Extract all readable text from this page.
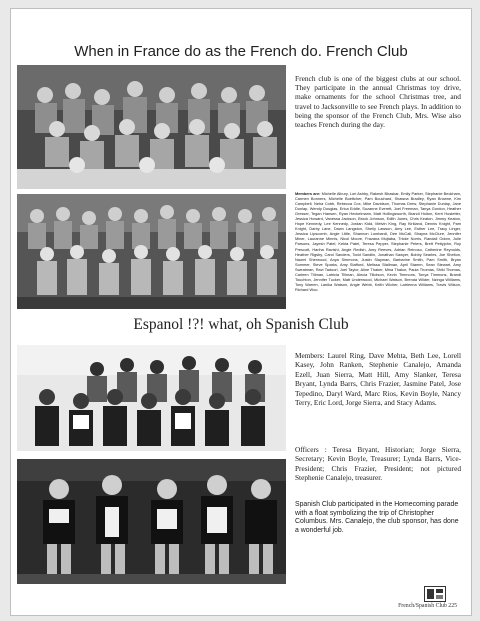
When in France do as the French do. French Club
French club is one of the biggest clubs at our school. They participate in the annual Christmas toy drive, make ornaments for the school Christmas tree, and travel to Jacksonville to see French plays. In addition to being the sponsor of the French Club, Mrs. Wise also teaches French during the day.
Members are: Michelle Albury, Lori Ashby, Rakesh Bhaskar, Emily Parker, Stephanie Beckham, Carmen Bonners, Michelle Boettcher, Pam Bouchard, Shawna Bradley, Ryan Browne, Kim Campbell, Neha Cobb, Rebecca Cox, Mike Davidson, Thomas Drew, Stephanie Dunlap, Jane Dunlap, Wendy Douglas, Erica Eddie, Suzanne Everett, Joel Freeman, Tanya Gordon, Heather Gresser, Tegan Hansen, Ryan Heckelmann, Matt Hollingsworth, Brandi Holton, Kerri Hostetter, Jessica Howard, Vanessa Jackson, Brock Johnson, Edith Jones, Chris Keaton, Jimmy Keaton, Hope Kennedy, Lee Kennedy, Jordan Kidd, Melvin King, Ray Kirkland, Dennis Knight, Pam Knight, Darby Lane, Dawn Langston, Shelly Lawson, Amy Lee, Esther Lee, Tracy Linger, Jessica Lipscomb, Angie Little, Shannon Lombardi, Dee McCall, Shayna McClure, Jennifer Miner, Lauranne Minnis, Nicol Moore, Frazana Mujtaba, Tricke Norris, Randall Odom, Julie Parsons, Jayesh Patel, Kekta Patel, Teresa Pepper, Stephanie Peters, Brett Pettyjohn, Roy Prescott, Hariha Ravishi, Angie Redish, Amy Reeves, Adrian Reinoso, Catherine Reynolds, Heather Rigsby, Carol Sanders, Todd Sandlin, Jonathan Sawyer, Bobby Searles, Joe Shelton, Naomi Sherwood, Anya Simmons, Justin Slayman, Barbarine Smith, Pam Smith, Bryan Sommer, Steve Sparks, Amy Stafford, Melissa Stallman, April Stamm, Sean Stewart, Amy Sweatman, Ravi Tadoori, Joel Taylor, Aline Thaker, Mina Thakor, Paula Thomas, Shiki Thomas, Carleen Tillman, Latricia Tillman, Alecia Tillotson, Kevin Timmons, Tonya Timmons, Brandi Touchton, Jennifer Tucker, Matt Underwood, Michael Watson, Brenda Wilder, Nzinga Williams, Tony Warren, Lanika Watson, Angie Webb, Keith Wicher, Latrienna Williams, Travis Wilson, Richard Woo.
Espanol !?! what, oh Spanish Club
Members: Laurel Ring, Dave Mehta, Beth Lee, Lorell Kasey, John Ranken, Stephenie Canalejo, Amanda Ezell, Juan Sierra, Matt Hill, Amy Slanker, Teresa Bryant, Lynda Barrs, Chris Frazier, Jasmine Patel, Jose Tepedino, Daryl Ward, Marc Rios, Kevin Boyle, Nancy Terry, Eric Lord, Jorge Sierra, and Stacy Adams.
Officers : Teresa Bryant, Historian; Jorge Sierra, Secretary; Kevin Boyle, Treasurer; Lynda Barrs, Vice-President; Chris Frazier, President; not pictured Stephenie Canalejo, treasurer.
Spanish Club participated in the Homecoming parade with a float symbolizing the trip of Christopher Columbus. Mrs. Canalejo, the club sponsor, has done a wonderful job.
French/Spanish Club 225
